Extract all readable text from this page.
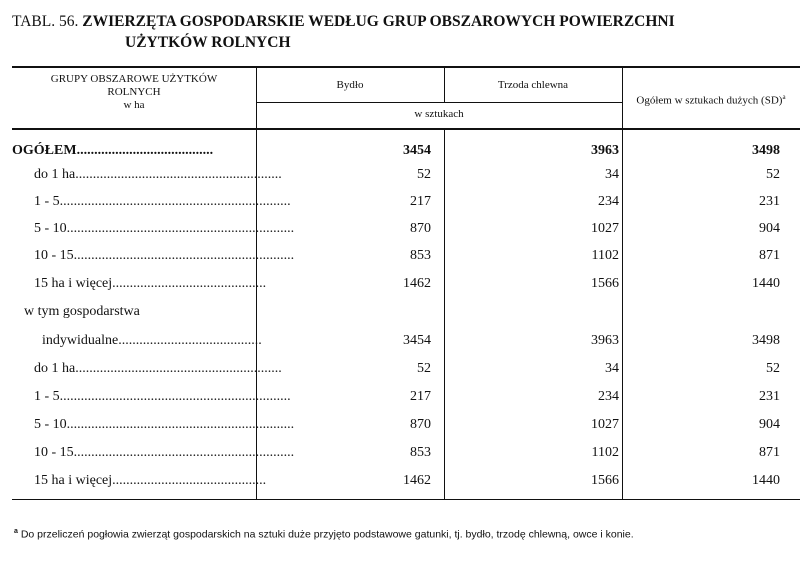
TABL. 56. ZWIERZĘTA GOSPODARSKIE WEDŁUG GRUP OBSZAROWYCH POWIERZCHNI
UŻYTKÓW ROLNYCH
GRUPY OBSZAROWE UŻYTKÓW
ROLNYCH
w ha
Bydło	Trzoda chlewna
Ogółem w sztukach dużych (SD)$^a$
w sztukach
OGÓŁEM.......................................	3454	3963	3498
do 1 ha...........................................................	52	34	52
1 - 5..................................................................	217	234	231
5 - 10.................................................................	870	1027	904
10 - 15...............................................................	853	1102	871
15 ha i więcej............................................	1462	1566	1440
w tym gospodarstwa
indywidualne.........................................	3454	3963	3498
do 1 ha...........................................................	52	34	52
1 - 5..................................................................	217	234	231
5 - 10.................................................................	870	1027	904
10 - 15...............................................................	853	1102	871
15 ha i więcej............................................	1462	1566	1440
$^a$ Do przeliczeń pogłowia zwierząt gospodarskich na sztuki duże przyjęto podstawowe gatunki, tj. bydło, trzodę chlewną, owce i konie.
